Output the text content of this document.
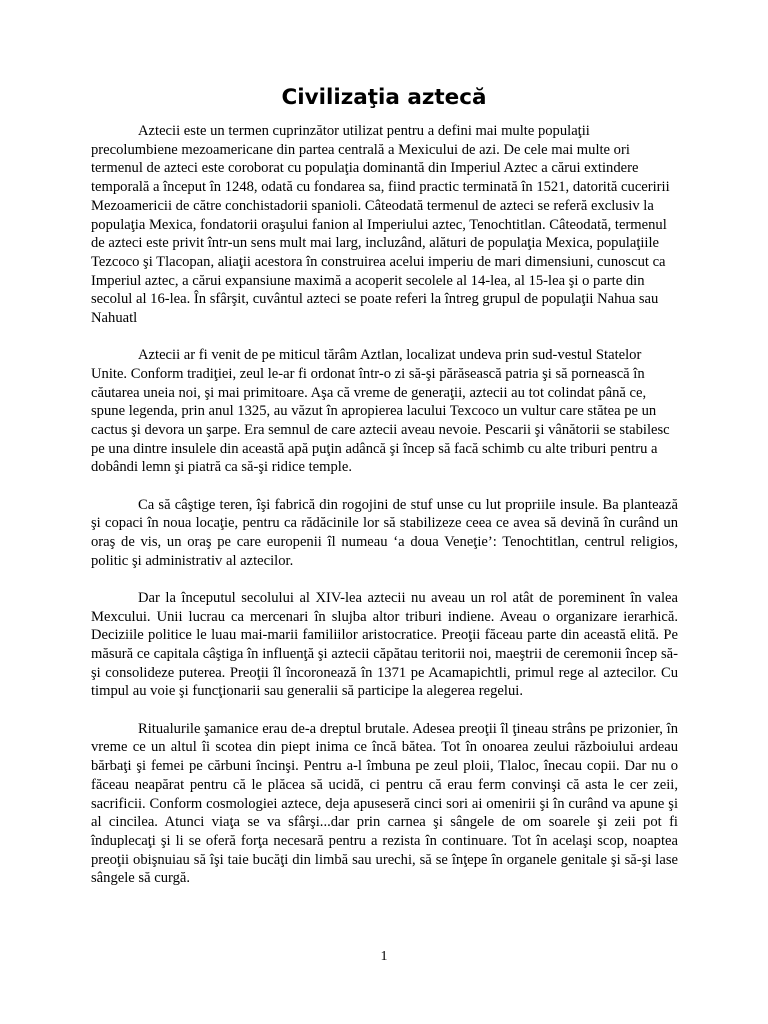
Civilizaţia aztecă

Aztecii este un termen cuprinzător utilizat pentru a defini mai multe populaţii precolumbiene mezoamericane din partea centrală a Mexicului de azi. De cele mai multe ori termenul de azteci este coroborat cu populaţia dominantă din Imperiul Aztec a cărui extindere temporală a început în 1248, odată cu fondarea sa, fiind practic terminată în 1521, datorită cuceririi Mezoamericii de către conchistadorii spanioli. Câteodată termenul de azteci se referă exclusiv la populaţia Mexica, fondatorii oraşului fanion al Imperiului aztec, Tenochtitlan. Câteodată, termenul de azteci este privit într-un sens mult mai larg, incluzând, alături de populaţia Mexica, populaţiile Tezcoco şi Tlacopan, aliaţii acestora în construirea acelui imperiu de mari dimensiuni, cunoscut ca Imperiul aztec, a cărui expansiune maximă a acoperit secolele al 14-lea, al 15-lea şi o parte din secolul al 16-lea. În sfârşit, cuvântul azteci se poate referi la întreg grupul de populaţii Nahua sau Nahuatl

Aztecii ar fi venit de pe miticul tărâm Aztlan, localizat undeva prin sud-vestul Statelor Unite. Conform tradiţiei, zeul le-ar fi ordonat într-o zi să-şi părăsească patria şi să pornească în căutarea uneia noi, şi mai primitoare. Aşa că vreme de generaţii, aztecii au tot colindat până ce, spune legenda, prin anul 1325, au văzut în apropierea lacului Texcoco un vultur care stătea pe un cactus şi devora un şarpe. Era semnul de care aztecii aveau nevoie. Pescarii şi vânătorii se stabilesc pe una dintre insulele din această apă puţin adâncă şi încep să facă schimb cu alte triburi pentru a dobândi lemn şi piatră ca să-şi ridice temple.

Ca să câştige teren, îşi fabrică din rogojini de stuf unse cu lut propriile insule. Ba plantează şi copaci în noua locaţie, pentru ca rădăcinile lor să stabilizeze ceea ce avea să devină în curând un oraş de vis, un oraş pe care europenii îl numeau ‘a doua Veneţie’: Tenochtitlan, centrul religios, politic şi administrativ al aztecilor.

Dar la începutul secolului al XIV-lea aztecii nu aveau un rol atât de poreminent în valea Mexcului. Unii lucrau ca mercenari în slujba altor triburi indiene. Aveau o organizare ierarhică. Deciziile politice le luau mai-marii familiilor aristocratice. Preoţii făceau parte din această elită. Pe măsură ce capitala câştiga în influenţă şi aztecii căpătau teritorii noi, maeştrii de ceremonii încep să-şi consolideze puterea. Preoţii îl încoronează în 1371 pe Acamapichtli, primul rege al aztecilor. Cu timpul au voie şi funcţionarii sau generalii să participe la alegerea regelui.

Ritualurile şamanice erau de-a dreptul brutale. Adesea preoţii îl ţineau strâns pe prizonier, în vreme ce un altul îi scotea din piept inima ce încă bătea. Tot în onoarea zeului războiului ardeau bărbaţi şi femei pe cărbuni încinşi. Pentru a-l îmbuna pe zeul ploii, Tlaloc, înecau copii. Dar nu o făceau neapărat pentru că le plăcea să ucidă, ci pentru că erau ferm convinşi că asta le cer zeii, sacrificii. Conform cosmologiei aztece, deja apuseseră cinci sori ai omenirii şi în curând va apune şi al cincilea. Atunci viaţa se va sfârşi...dar prin carnea şi sângele de om soarele şi zeii pot fi înduplecaţi şi li se oferă forţa necesară pentru a rezista în continuare. Tot în acelaşi scop, noaptea preoţii obişnuiau să îşi taie bucăţi din limbă sau urechi, să se înţepe în organele genitale şi să-şi lase sângele să curgă.

1
